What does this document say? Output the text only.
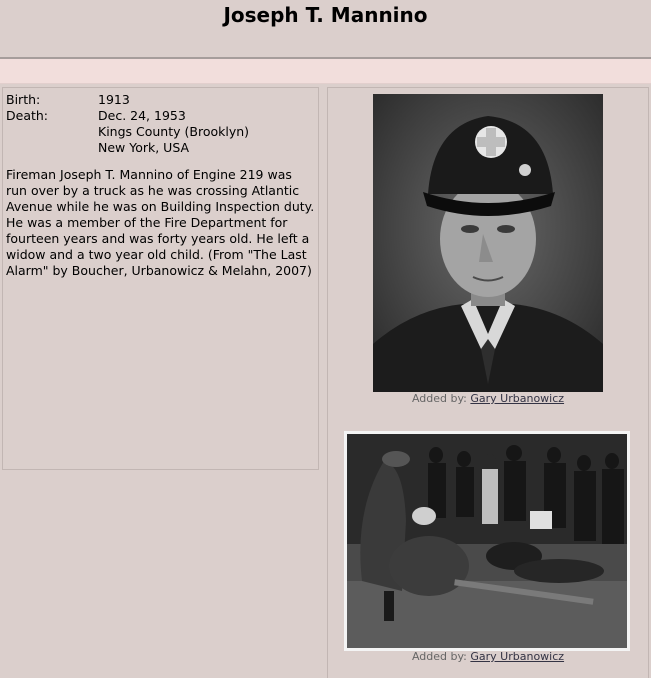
Joseph T. Mannino
Birth:	1913
Death:	Dec. 24, 1953
Kings County (Brooklyn)
New York, USA
Fireman Joseph T. Mannino of Engine 219 was run over by a truck as he was crossing Atlantic Avenue while he was on Building Inspection duty. He was a member of the Fire Department for fourteen years and was forty years old. He left a widow and a two year old child. (From "The Last Alarm" by Boucher, Urbanowicz & Melahn, 2007)
Added by: Gary Urbanowicz
Added by: Gary Urbanowicz
